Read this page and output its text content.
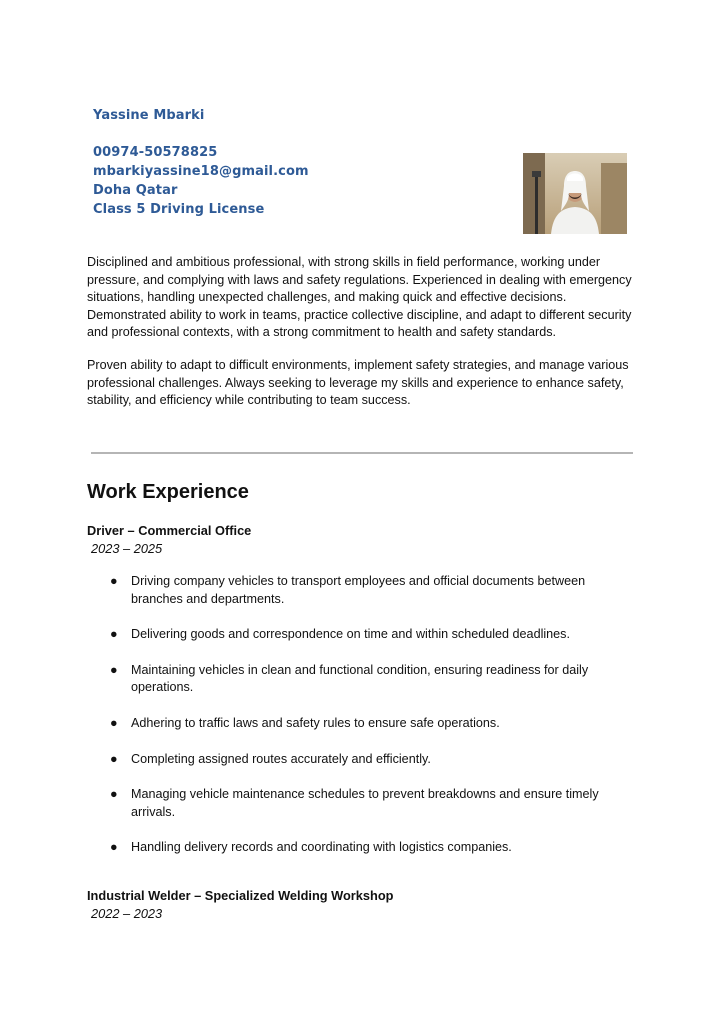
Yassine Mbarki
00974-50578825
mbarkiyassine18@gmail.com
Doha Qatar
Class 5 Driving License

Disciplined and ambitious professional, with strong skills in field performance, working under pressure, and complying with laws and safety regulations. Experienced in dealing with emergency situations, handling unexpected challenges, and making quick and effective decisions. Demonstrated ability to work in teams, practice collective discipline, and adapt to different security and professional contexts, with a strong commitment to health and safety standards.

Proven ability to adapt to difficult environments, implement safety strategies, and manage various professional challenges. Always seeking to leverage my skills and experience to enhance safety, stability, and efficiency while contributing to team success.

Work Experience
Driver – Commercial Office
2023 – 2025
● Driving company vehicles to transport employees and official documents between branches and departments.
● Delivering goods and correspondence on time and within scheduled deadlines.
● Maintaining vehicles in clean and functional condition, ensuring readiness for daily operations.
● Adhering to traffic laws and safety rules to ensure safe operations.
● Completing assigned routes accurately and efficiently.
● Managing vehicle maintenance schedules to prevent breakdowns and ensure timely arrivals.
● Handling delivery records and coordinating with logistics companies.
Industrial Welder – Specialized Welding Workshop
2022 – 2023
